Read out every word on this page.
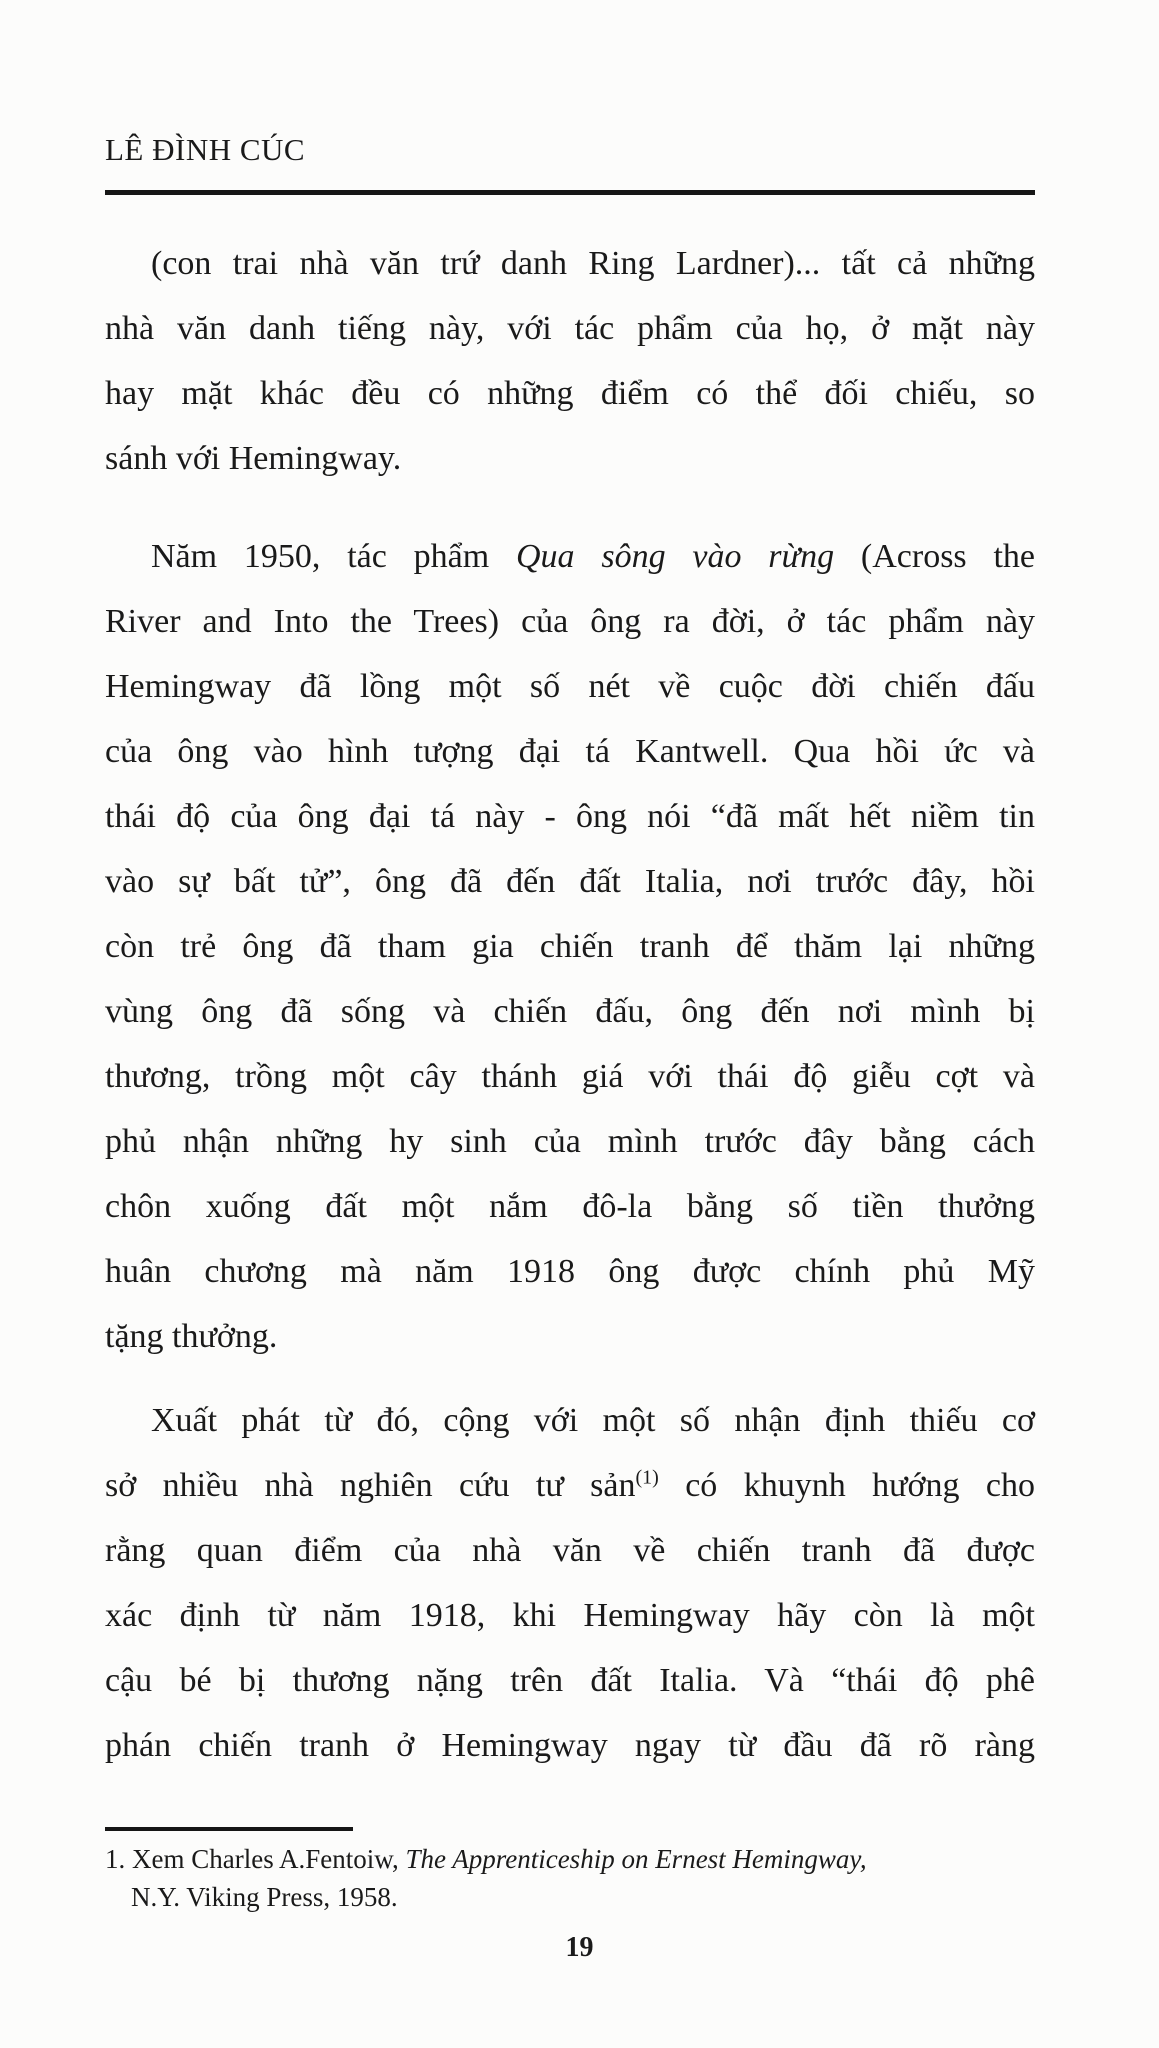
LÊ ĐÌNH CÚC
(con trai nhà văn trứ danh Ring Lardner)... tất cả những
nhà văn danh tiếng này, với tác phẩm của họ, ở mặt này
hay mặt khác đều có những điểm có thể đối chiếu, so
sánh với Hemingway.
Năm 1950, tác phẩm Qua sông vào rừng (Across the
River and Into the Trees) của ông ra đời, ở tác phẩm này
Hemingway đã lồng một số nét về cuộc đời chiến đấu
của ông vào hình tượng đại tá Kantwell. Qua hồi ức và
thái độ của ông đại tá này - ông nói “đã mất hết niềm tin
vào sự bất tử”, ông đã đến đất Italia, nơi trước đây, hồi
còn trẻ ông đã tham gia chiến tranh để thăm lại những
vùng ông đã sống và chiến đấu, ông đến nơi mình bị
thương, trồng một cây thánh giá với thái độ giễu cợt và
phủ nhận những hy sinh của mình trước đây bằng cách
chôn xuống đất một nắm đô-la bằng số tiền thưởng
huân chương mà năm 1918 ông được chính phủ Mỹ
tặng thưởng.
Xuất phát từ đó, cộng với một số nhận định thiếu cơ
sở nhiều nhà nghiên cứu tư sản$^{(1)}$ có khuynh hướng cho
rằng quan điểm của nhà văn về chiến tranh đã được
xác định từ năm 1918, khi Hemingway hãy còn là một
cậu bé bị thương nặng trên đất Italia. Và “thái độ phê
phán chiến tranh ở Hemingway ngay từ đầu đã rõ ràng
1. Xem Charles A.Fentoiw, The Apprenticeship on Ernest Hemingway,
N.Y. Viking Press, 1958.
19
